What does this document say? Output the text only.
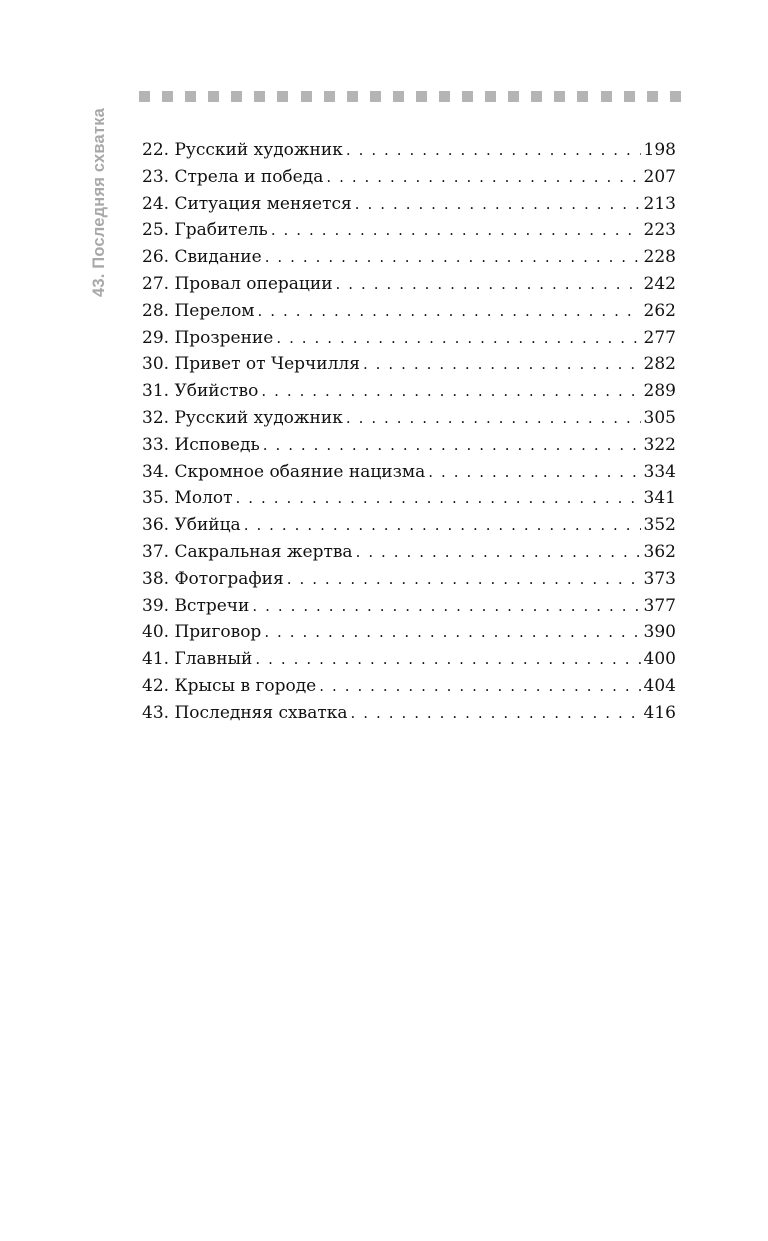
43. Последняя схватка 22. Русский художник . . .	198
23. Стрела и победа . . .	207
24. Ситуация меняется . . .	213
25. Грабитель . . .	223
26. Свидание . . .	228
27. Провал операции . . .	242
28. Перелом . . .	262
29. Прозрение . . .	277
30. Привет от Черчилля . . .	282
31. Убийство . . .	289
32. Русский художник . . .	305
33. Исповедь . . .	322
34. Скромное обаяние нацизма . . .	334
35. Молот . . .	341
36. Убийца . . .	352
37. Сакральная жертва . . .	362
38. Фотография . . .	373
39. Встречи . . .	377
40. Приговор . . .	390
41. Главный . . .	400
42. Крысы в городе . . .	404
43. Последняя схватка . . .	416
